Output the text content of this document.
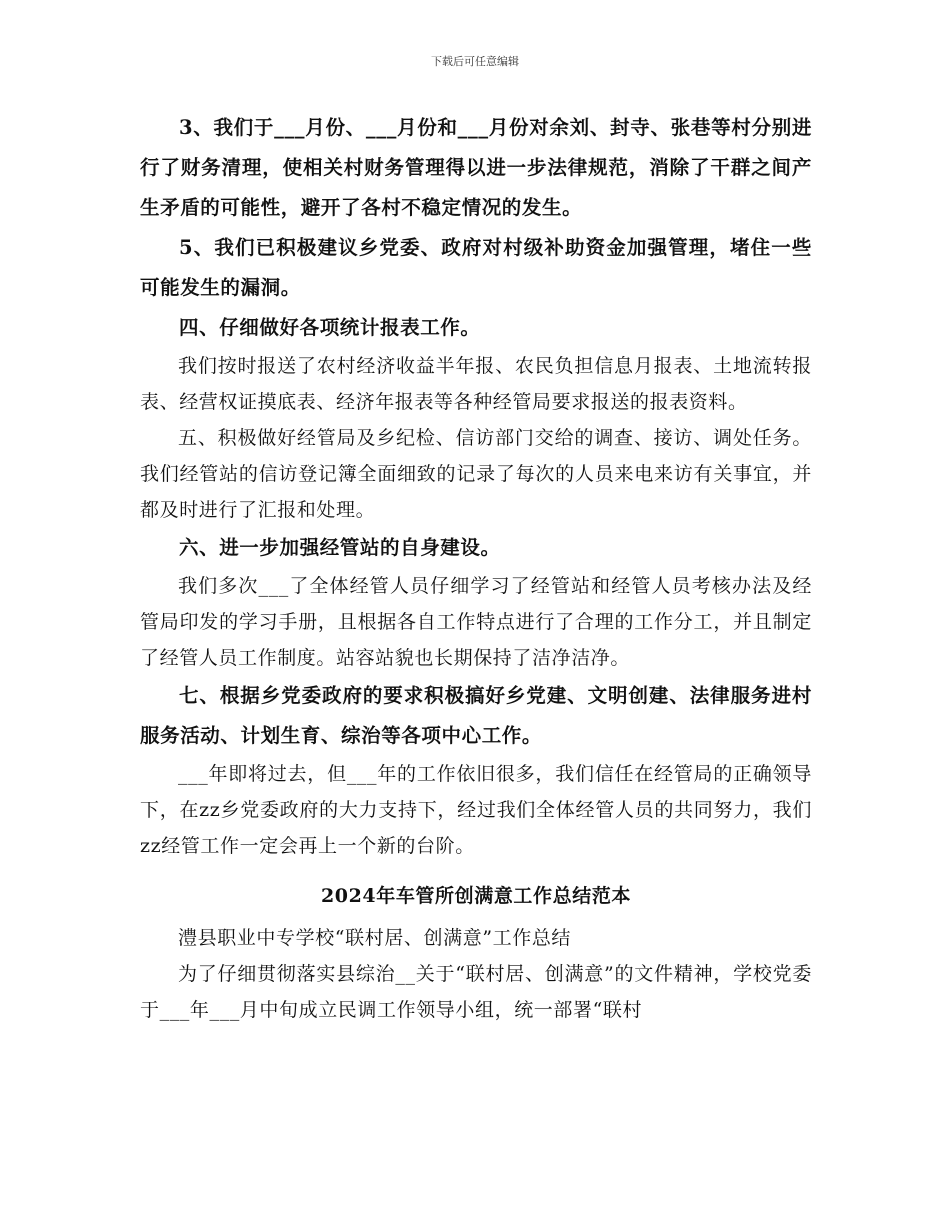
下载后可任意编辑

3、我们于___月份、___月份和___月份对余刘、封寺、张巷等村分别进行了财务清理，使相关村财务管理得以进一步法律规范，消除了干群之间产生矛盾的可能性，避开了各村不稳定情况的发生。

5、我们已积极建议乡党委、政府对村级补助资金加强管理，堵住一些可能发生的漏洞。

四、仔细做好各项统计报表工作。

我们按时报送了农村经济收益半年报、农民负担信息月报表、土地流转报表、经营权证摸底表、经济年报表等各种经管局要求报送的报表资料。

五、积极做好经管局及乡纪检、信访部门交给的调查、接访、调处任务。我们经管站的信访登记簿全面细致的记录了每次的人员来电来访有关事宜，并都及时进行了汇报和处理。

六、进一步加强经管站的自身建设。

我们多次___了全体经管人员仔细学习了经管站和经管人员考核办法及经管局印发的学习手册，且根据各自工作特点进行了合理的工作分工，并且制定了经管人员工作制度。站容站貌也长期保持了洁净洁净。

七、根据乡党委政府的要求积极搞好乡党建、文明创建、法律服务进村服务活动、计划生育、综治等各项中心工作。

___年即将过去，但___年的工作依旧很多，我们信任在经管局的正确领导下，在zz乡党委政府的大力支持下，经过我们全体经管人员的共同努力，我们zz经管工作一定会再上一个新的台阶。

2024年车管所创满意工作总结范本

澧县职业中专学校“联村居、创满意”工作总结

为了仔细贯彻落实县综治__关于“联村居、创满意”的文件精神，学校党委于___年___月中旬成立民调工作领导小组，统一部署“联村
